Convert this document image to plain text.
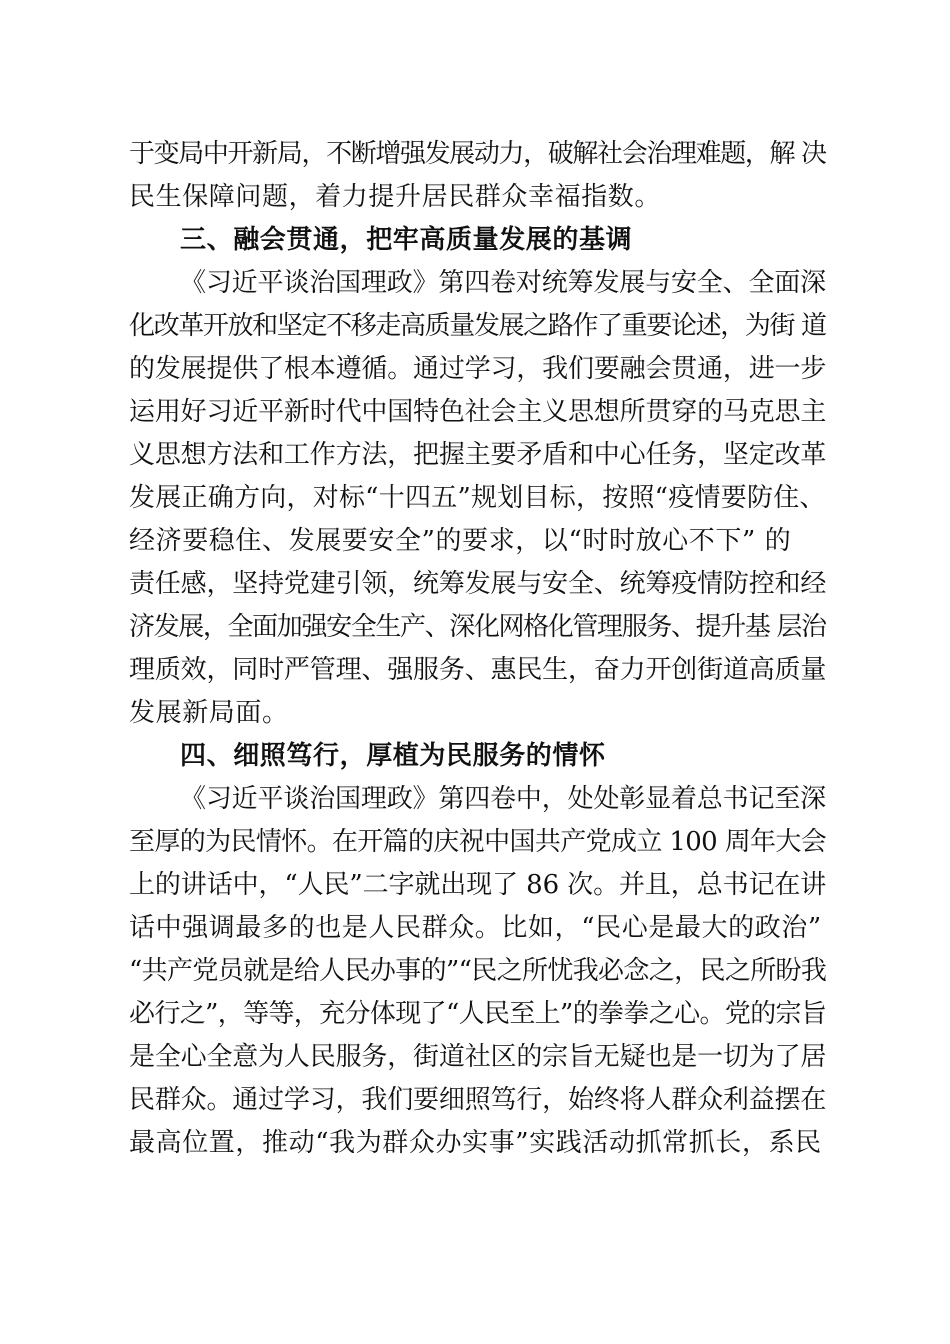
于变局中开新局，不断增强发展动力，破解社会治理难题，解 决
民生保障问题，着力提升居民群众幸福指数。
三、融会贯通，把牢高质量发展的基调
《习近平谈治国理政》第四卷对统筹发展与安全、全面深
化改革开放和坚定不移走高质量发展之路作了重要论述，为街 道
的发展提供了根本遵循。通过学习，我们要融会贯通，进一步
运用好习近平新时代中国特色社会主义思想所贯穿的马克思主
义思想方法和工作方法，把握主要矛盾和中心任务，坚定改革
发展正确方向，对标“十四五”规划目标，按照“疫情要防住、
经济要稳住、发展要安全”的要求，以“时时放心不下” 的
责任感，坚持党建引领，统筹发展与安全、统筹疫情防控和经
济发展，全面加强安全生产、深化网格化管理服务、提升基 层治
理质效，同时严管理、强服务、惠民生，奋力开创街道高质量
发展新局面。
四、细照笃行，厚植为民服务的情怀
《习近平谈治国理政》第四卷中，处处彰显着总书记至深
至厚的为民情怀。在开篇的庆祝中国共产党成立 100 周年大会
上的讲话中，“人民”二字就出现了 86 次。并且，总书记在讲
话中强调最多的也是人民群众。比如，“民心是最大的政治”
“共产党员就是给人民办事的”“民之所忧我必念之，民之所盼我
必行之”，等等，充分体现了“人民至上”的拳拳之心。党的宗旨
是全心全意为人民服务，街道社区的宗旨无疑也是一切为了居
民群众。通过学习，我们要细照笃行，始终将人群众利益摆在
最高位置，推动“我为群众办实事”实践活动抓常抓长，系民
